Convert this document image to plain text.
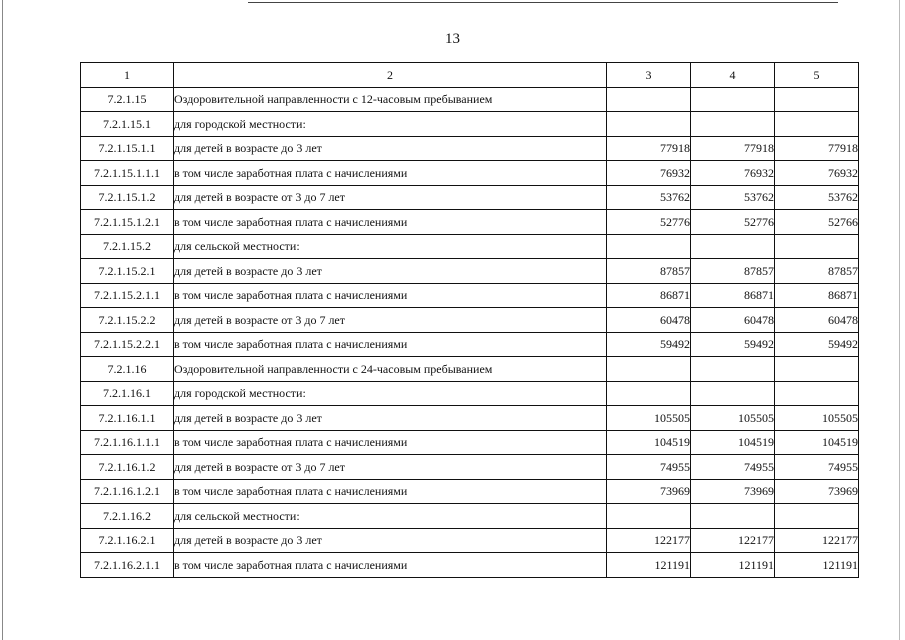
13
1	2	3	4	5
7.2.1.15	Оздоровительной направленности с 12-часовым пребыванием			
7.2.1.15.1	для городской местности:			
7.2.1.15.1.1	для детей в возрасте до 3 лет	77918	77918	77918
7.2.1.15.1.1.1	в том числе заработная плата с начислениями	76932	76932	76932
7.2.1.15.1.2	для детей в возрасте от 3 до 7 лет	53762	53762	53762
7.2.1.15.1.2.1	в том числе заработная плата с начислениями	52776	52776	52766
7.2.1.15.2	для сельской местности:			
7.2.1.15.2.1	для детей в возрасте до 3 лет	87857	87857	87857
7.2.1.15.2.1.1	в том числе заработная плата с начислениями	86871	86871	86871
7.2.1.15.2.2	для детей в возрасте от 3 до 7 лет	60478	60478	60478
7.2.1.15.2.2.1	в том числе заработная плата с начислениями	59492	59492	59492
7.2.1.16	Оздоровительной направленности с 24-часовым пребыванием			
7.2.1.16.1	для городской местности:			
7.2.1.16.1.1	для детей в возрасте до 3 лет	105505	105505	105505
7.2.1.16.1.1.1	в том числе заработная плата с начислениями	104519	104519	104519
7.2.1.16.1.2	для детей в возрасте от 3 до 7 лет	74955	74955	74955
7.2.1.16.1.2.1	в том числе заработная плата с начислениями	73969	73969	73969
7.2.1.16.2	для сельской местности:			
7.2.1.16.2.1	для детей в возрасте до 3 лет	122177	122177	122177
7.2.1.16.2.1.1	в том числе заработная плата с начислениями	121191	121191	121191
